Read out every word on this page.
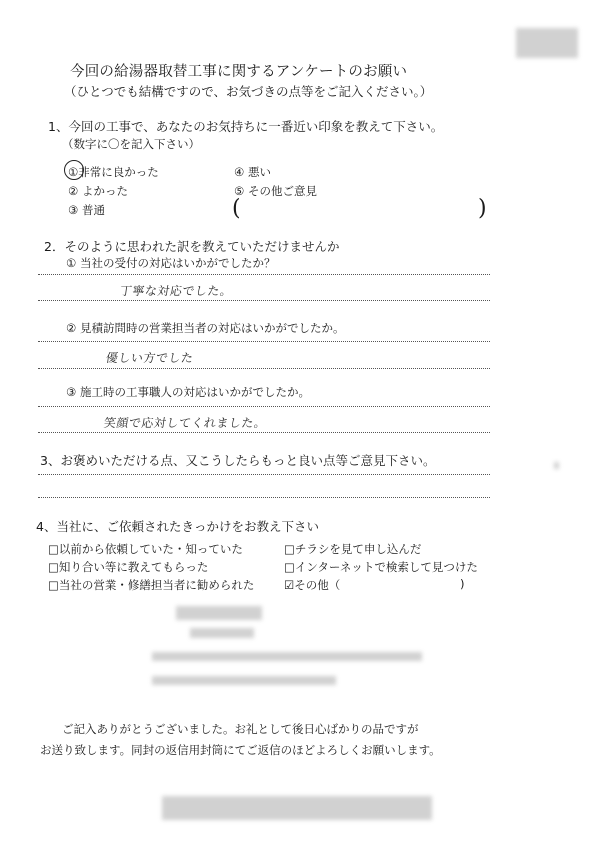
今回の給湯器取替工事に関するアンケートのお願い
（ひとつでも結構ですので、お気づきの点等をご記入ください。）
1、今回の工事で、あなたのお気持ちに一番近い印象を教えて下さい。
（数字に〇を記入下さい）
①非常に良かった
② よかった
③ 普通
④ 悪い
⑤ その他ご意見
(	)
2．そのように思われた訳を教えていただけませんか
① 当社の受付の対応はいかがでしたか？
丁寧な対応でした。
② 見積訪問時の営業担当者の対応はいかがでしたか。
優しい方でした
③ 施工時の工事職人の対応はいかがでしたか。
笑顔で応対してくれました。
3、お褒めいただける点、又こうしたらもっと良い点等ご意見下さい。
4、当社に、ご依頼されたきっかけをお教え下さい
□以前から依頼していた・知っていた
□知り合い等に教えてもらった
□当社の営業・修繕担当者に勧められた
□チラシを見て申し込んだ
□インターネットで検索して見つけた
☑その他（	)
ご記入ありがとうございました。お礼として後日心ばかりの品ですが
お送り致します。同封の返信用封筒にてご返信のほどよろしくお願いします。
